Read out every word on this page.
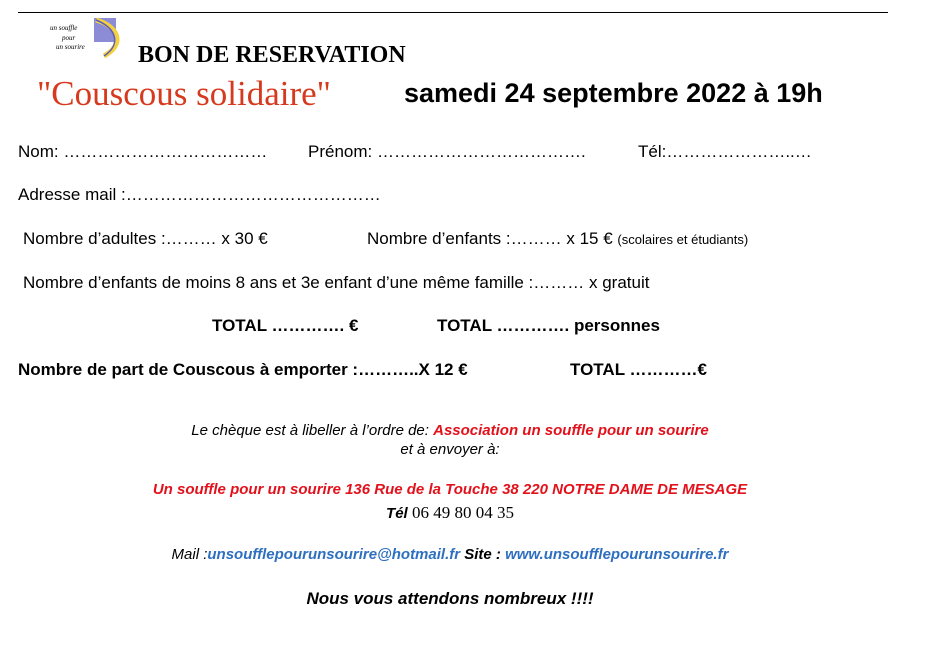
un souffle
pour
un sourire BON DE RESERVATION
"Couscous solidaire"	samedi 24 septembre 2022 à 19h
Nom: ……………………………… Prénom: ……………………………….	Tél:…………………..…
Adresse mail :………………………………………
Nombre d’adultes :……… x 30 €	Nombre d’enfants :……… x 15 € (scolaires et étudiants)
Nombre d’enfants de moins 8 ans et 3e enfant d’une même famille :……… x gratuit
TOTAL …………. €	TOTAL …………. personnes
Nombre de part de Couscous à emporter :………..X 12 €	TOTAL …………€
Le chèque est à libeller à l’ordre de: Association un souffle pour un sourire
et à envoyer à:
Un souffle pour un sourire 136 Rue de la Touche 38 220 NOTRE DAME DE MESAGE
Tél 06 49 80 04 35
Mail :unsoufflepourunsourire@hotmail.fr Site : www.unsoufflepourunsourire.fr
Nous vous attendons nombreux !!!!
